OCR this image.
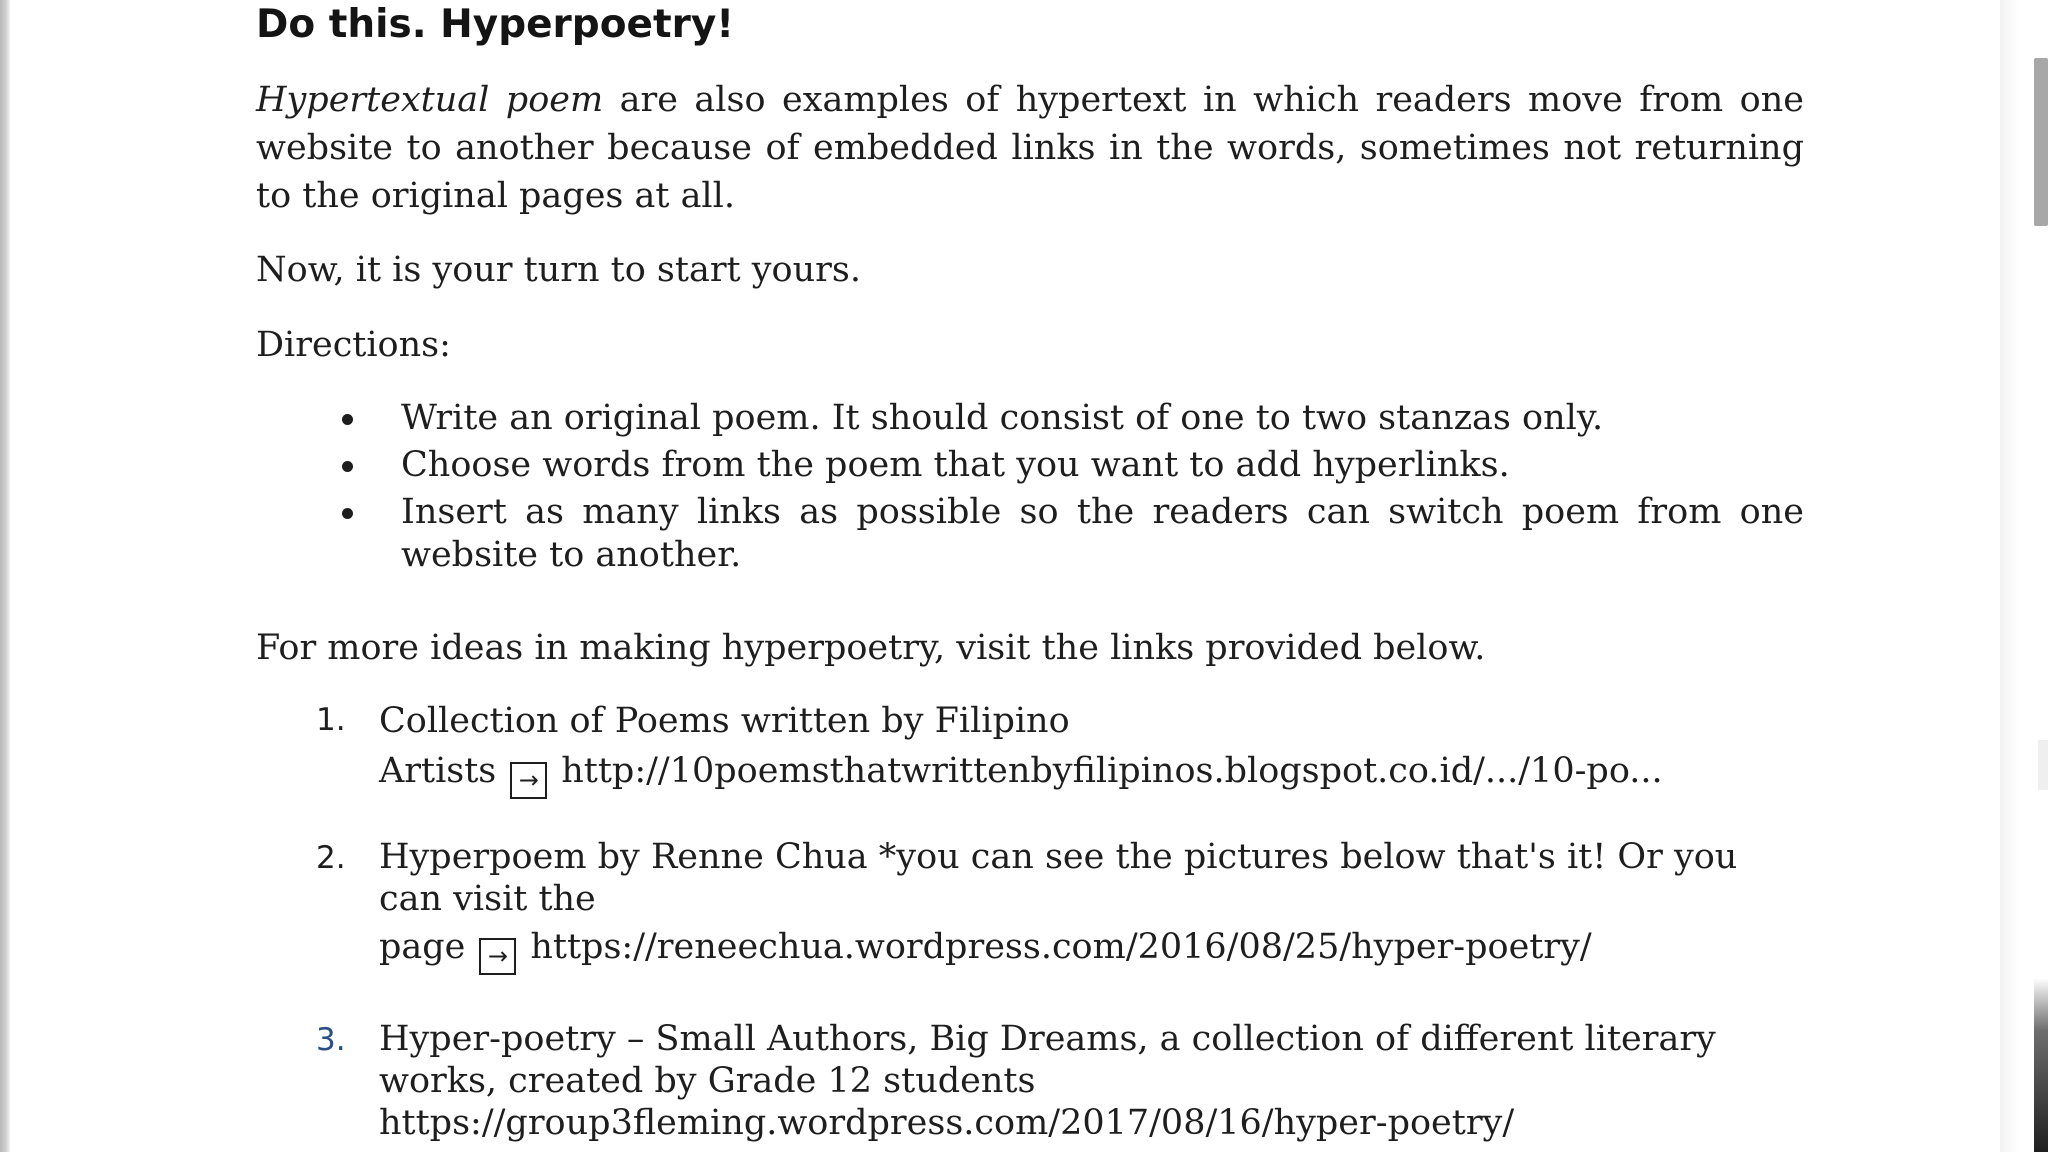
Do this. Hyperpoetry!
Hypertextual poem are also examples of hypertext in which readers move from one website to another because of embedded links in the words, sometimes not returning to the original pages at all.
Now, it is your turn to start yours.
Directions:
Write an original poem. It should consist of one to two stanzas only.
Choose words from the poem that you want to add hyperlinks.
Insert as many links as possible so the readers can switch poem from one website to another.
For more ideas in making hyperpoetry, visit the links provided below.
1. Collection of Poems written by Filipino
Artists → http://10poemsthatwrittenbyfilipinos.blogspot.co.id/.../10-po...
2. Hyperpoem by Renne Chua *you can see the pictures below that's it! Or you
can visit the
page → https://reneechua.wordpress.com/2016/08/25/hyper-poetry/
3. Hyper-poetry – Small Authors, Big Dreams, a collection of different literary
works, created by Grade 12 students
https://group3fleming.wordpress.com/2017/08/16/hyper-poetry/
